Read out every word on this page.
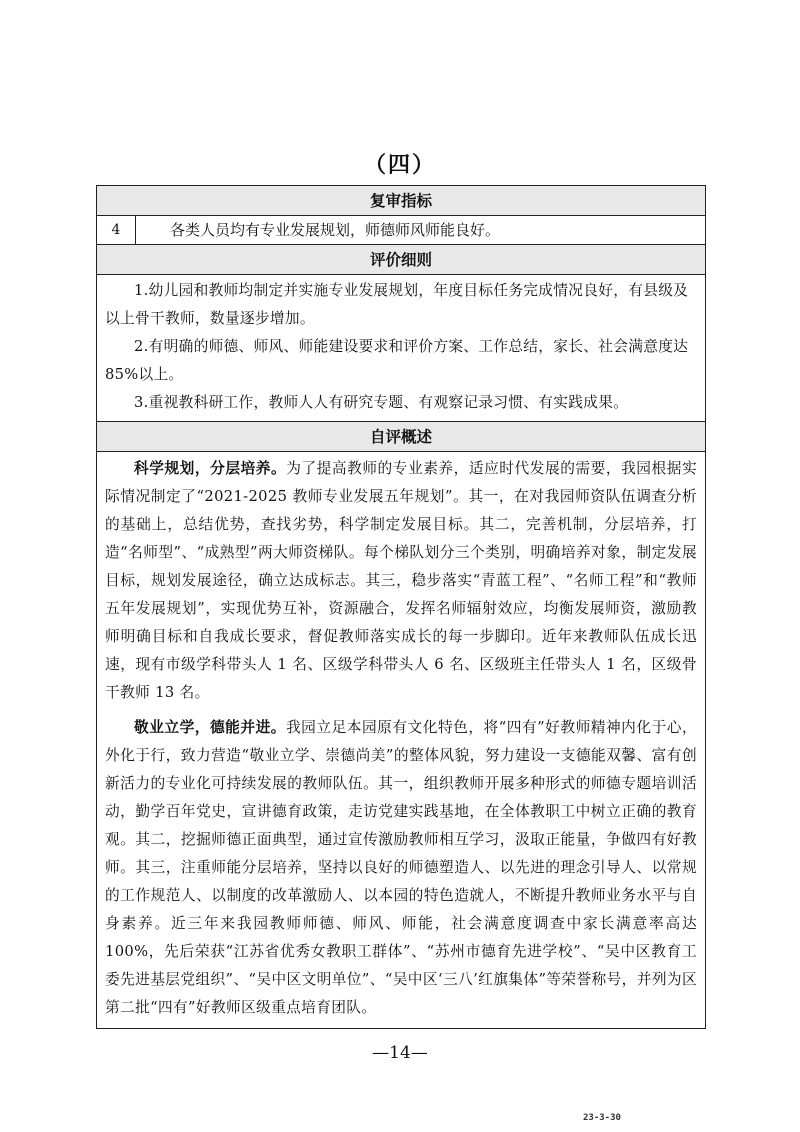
（四）
复审指标
4	各类人员均有专业发展规划，师德师风师能良好。
评价细则

1.幼儿园和教师均制定并实施专业发展规划，年度目标任务完成情况良好，有县级及以上骨干教师，数量逐步增加。

2.有明确的师德、师风、师能建设要求和评价方案、工作总结，家长、社会满意度达 85%以上。

3.重视教科研工作，教师人人有研究专题、有观察记录习惯、有实践成果。

自评概述

科学规划，分层培养。为了提高教师的专业素养，适应时代发展的需要，我园根据实际情况制定了“2021-2025 教师专业发展五年规划”。其一，在对我园师资队伍调查分析的基础上，总结优势，查找劣势，科学制定发展目标。其二，完善机制，分层培养，打造“名师型”、“成熟型”两大师资梯队。每个梯队划分三个类别，明确培养对象，制定发展目标，规划发展途径，确立达成标志。其三，稳步落实“青蓝工程”、“名师工程”和“教师五年发展规划”，实现优势互补，资源融合，发挥名师辐射效应，均衡发展师资，激励教师明确目标和自我成长要求，督促教师落实成长的每一步脚印。近年来教师队伍成长迅速，现有市级学科带头人 1 名、区级学科带头人 6 名、区级班主任带头人 1 名，区级骨干教师 13 名。

敬业立学，德能并进。我园立足本园原有文化特色，将“四有”好教师精神内化于心，外化于行，致力营造“敬业立学、崇德尚美”的整体风貌，努力建设一支德能双馨、富有创新活力的专业化可持续发展的教师队伍。其一，组织教师开展多种形式的师德专题培训活动，勤学百年党史，宣讲德育政策，走访党建实践基地，在全体教职工中树立正确的教育观。其二，挖掘师德正面典型，通过宣传激励教师相互学习，汲取正能量，争做四有好教师。其三，注重师能分层培养，坚持以良好的师德塑造人、以先进的理念引导人、以常规的工作规范人、以制度的改革激励人、以本园的特色造就人，不断提升教师业务水平与自身素养。近三年来我园教师师德、师风、师能，社会满意度调查中家长满意率高达 100%，先后荣获“江苏省优秀女教职工群体”、“苏州市德育先进学校”、“吴中区教育工委先进基层党组织”、“吴中区文明单位”、“吴中区‘三八’红旗集体”等荣誉称号，并列为区第二批“四有”好教师区级重点培育团队。

—14—
23-3-30
